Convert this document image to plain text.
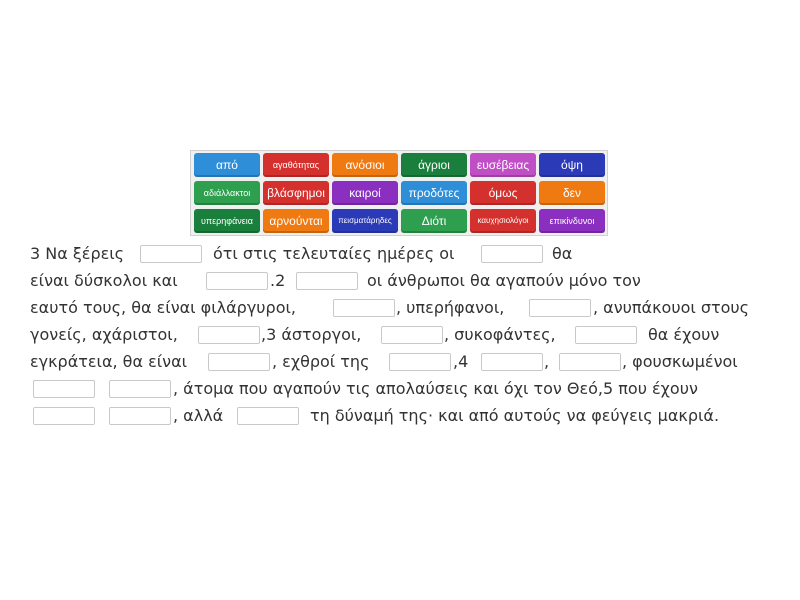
από	αγαθότητας	ανόσιοι	άγριοι	ευσέβειας	όψη
αδιάλλακτοι	βλάσφημοι	καιροί	προδότες	όμως	δεν
υπερηφάνεια	αρνούνται	πεισματάρηδες	Διότι	καυχησιολόγοι	επικίνδυνοι
3 Να ξέρεις	ότι στις τελευταίες ημέρες οι	θα
είναι δύσκολοι και	.2	οι άνθρωποι θα αγαπούν μόνο τον
εαυτό τους, θα είναι φιλάργυροι,	, υπερήφανοι,	, ανυπάκουοι στους
γονείς, αχάριστοι,	,3 άστοργοι,	, συκοφάντες,	θα έχουν
εγκράτεια, θα είναι	, εχθροί της	,4	,	, φουσκωμένοι
, άτομα που αγαπούν τις απολαύσεις και όχι τον Θεό,5 που έχουν
, αλλά	τη δύναμή της· και από αυτούς να φεύγεις μακριά.
